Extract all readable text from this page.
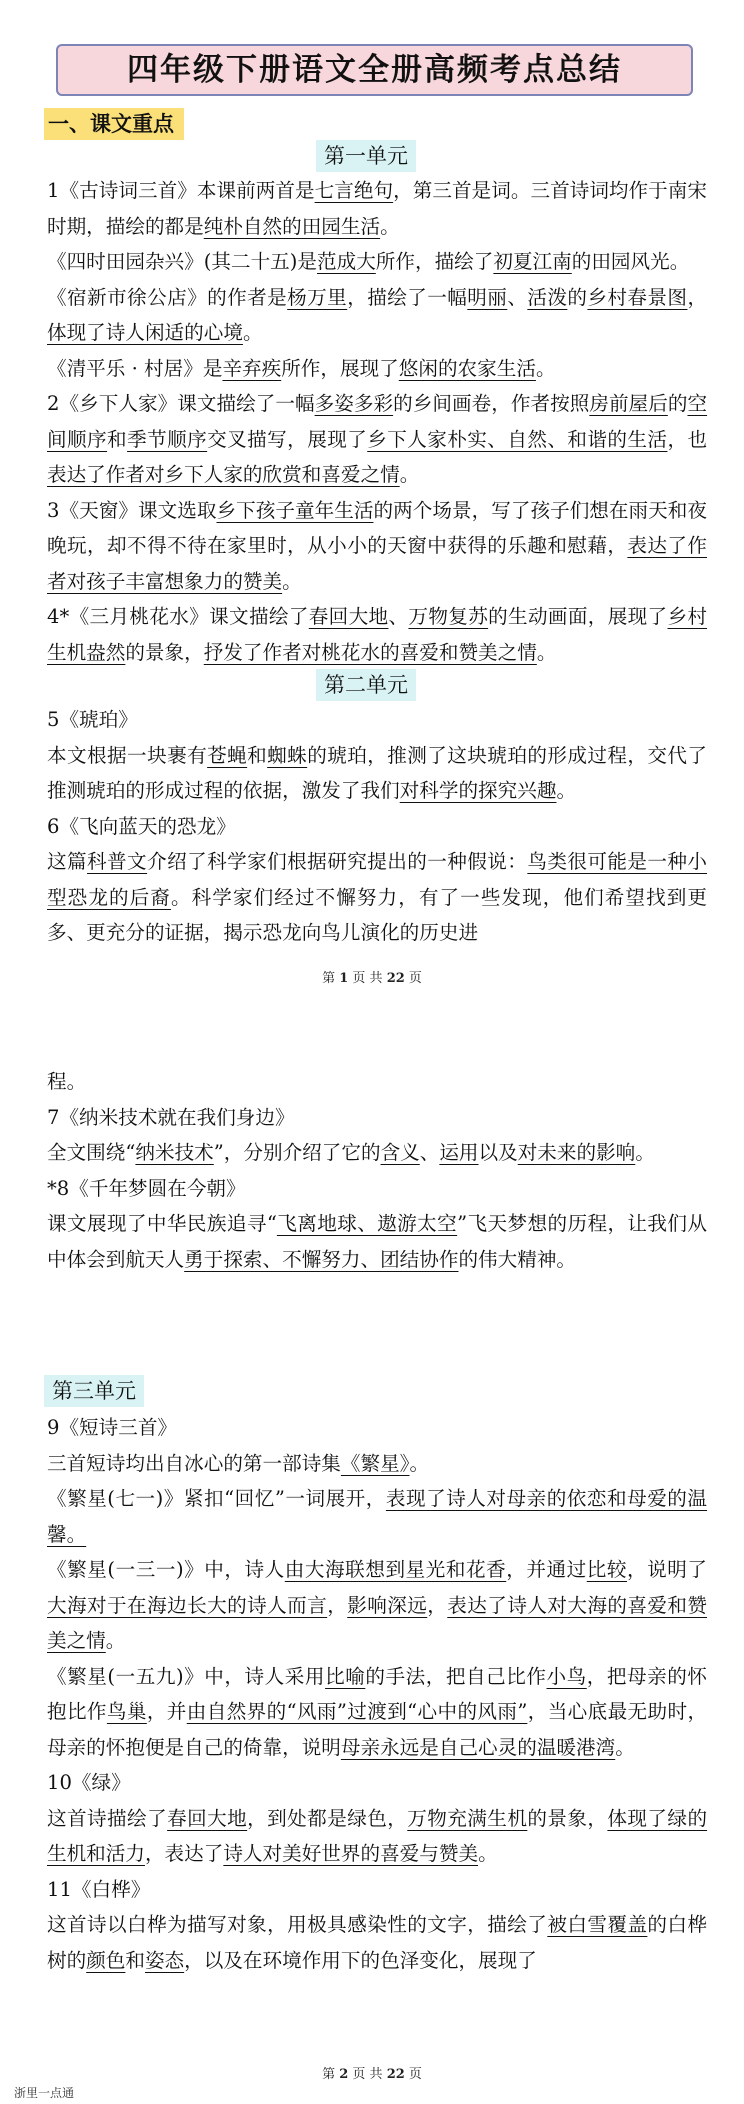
四年级下册语文全册高频考点总结
一、课文重点
第一单元

1《古诗词三首》本课前两首是七言绝句，第三首是词。三首诗词均作于南宋时期，描绘的都是纯朴自然的田园生活。

《四时田园杂兴》(其二十五)是范成大所作，描绘了初夏江南的田园风光。

《宿新市徐公店》的作者是杨万里，描绘了一幅明丽、活泼的乡村春景图，体现了诗人闲适的心境。

《清平乐 · 村居》是辛弃疾所作，展现了悠闲的农家生活。

2《乡下人家》课文描绘了一幅多姿多彩的乡间画卷，作者按照房前屋后的空间顺序和季节顺序交叉描写，展现了乡下人家朴实、自然、和谐的生活，也表达了作者对乡下人家的欣赏和喜爱之情。

3《天窗》课文选取乡下孩子童年生活的两个场景，写了孩子们想在雨天和夜晚玩，却不得不待在家里时，从小小的天窗中获得的乐趣和慰藉，表达了作者对孩子丰富想象力的赞美。

4*《三月桃花水》课文描绘了春回大地、万物复苏的生动画面，展现了乡村生机盎然的景象，抒发了作者对桃花水的喜爱和赞美之情。

第二单元

5《琥珀》

本文根据一块裹有苍蝇和蜘蛛的琥珀，推测了这块琥珀的形成过程，交代了推测琥珀的形成过程的依据，激发了我们对科学的探究兴趣。

6《飞向蓝天的恐龙》

这篇科普文介绍了科学家们根据研究提出的一种假说：鸟类很可能是一种小型恐龙的后裔。科学家们经过不懈努力，有了一些发现，他们希望找到更多、更充分的证据，揭示恐龙向鸟儿演化的历史进

第 1 页 共 22 页

程。

7《纳米技术就在我们身边》

全文围绕“纳米技术”，分别介绍了它的含义、运用以及对未来的影响。

*8《千年梦圆在今朝》

课文展现了中华民族追寻“飞离地球、遨游太空”飞天梦想的历程，让我们从中体会到航天人勇于探索、不懈努力、团结协作的伟大精神。

第三单元

9《短诗三首》

三首短诗均出自冰心的第一部诗集《繁星》。

《繁星(七一)》紧扣“回忆”一词展开，表现了诗人对母亲的依恋和母爱的温馨。

《繁星(一三一)》中，诗人由大海联想到星光和花香，并通过比较，说明了大海对于在海边长大的诗人而言，影响深远，表达了诗人对大海的喜爱和赞美之情。

《繁星(一五九)》中，诗人采用比喻的手法，把自己比作小鸟，把母亲的怀抱比作鸟巢，并由自然界的“风雨”过渡到“心中的风雨”，当心底最无助时，母亲的怀抱便是自己的倚靠，说明母亲永远是自己心灵的温暖港湾。

10《绿》

这首诗描绘了春回大地，到处都是绿色，万物充满生机的景象，体现了绿的生机和活力，表达了诗人对美好世界的喜爱与赞美。

11《白桦》

这首诗以白桦为描写对象，用极具感染性的文字，描绘了被白雪覆盖的白桦树的颜色和姿态，以及在环境作用下的色泽变化，展现了

第 2 页 共 22 页
浙里一点通
